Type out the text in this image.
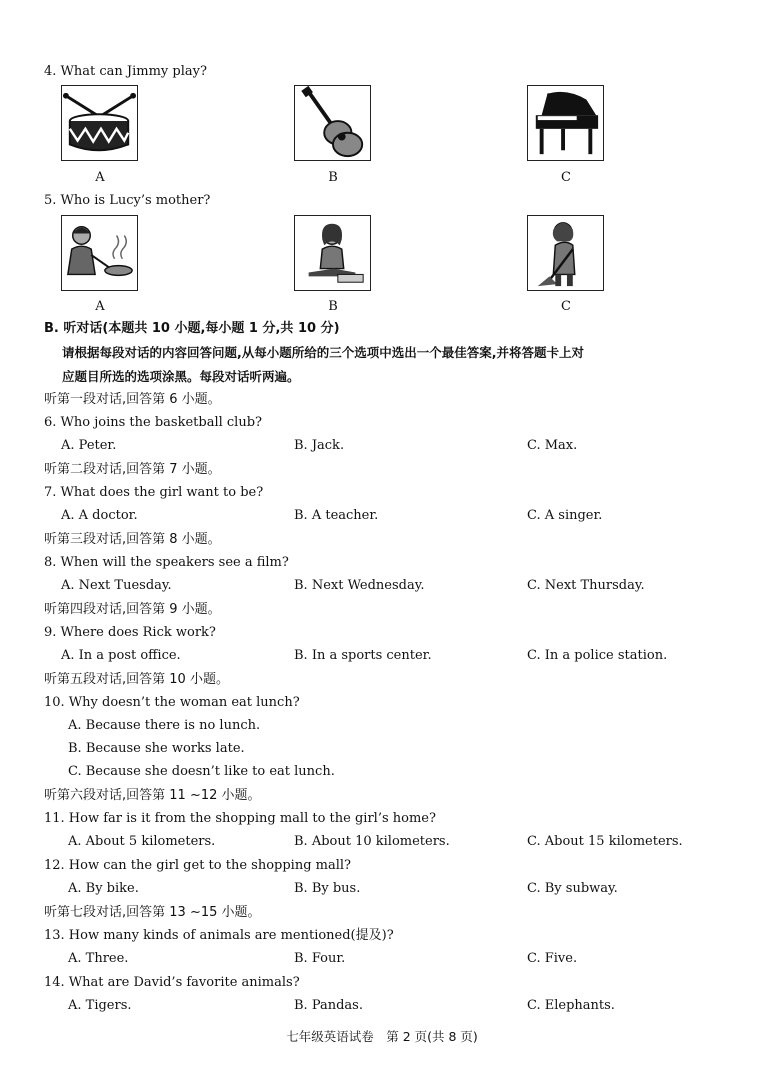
4. What can Jimmy play?
A	B	C
5. Who is Lucy’s mother?
A	B	C
B. 听对话(本题共 10 小题,每小题 1 分,共 10 分)
请根据每段对话的内容回答问题,从每小题所给的三个选项中选出一个最佳答案,并将答题卡上对
应题目所选的选项涂黑。每段对话听两遍。
听第一段对话,回答第 6 小题。
6. Who joins the basketball club?
A. Peter.	B. Jack.	C. Max.
听第二段对话,回答第 7 小题。
7. What does the girl want to be?
A. A doctor.	B. A teacher.	C. A singer.
听第三段对话,回答第 8 小题。
8. When will the speakers see a film?
A. Next Tuesday.	B. Next Wednesday.	C. Next Thursday.
听第四段对话,回答第 9 小题。
9. Where does Rick work?
A. In a post office.	B. In a sports center.	C. In a police station.
听第五段对话,回答第 10 小题。
10. Why doesn’t the woman eat lunch?
A. Because there is no lunch.
B. Because she works late.
C. Because she doesn’t like to eat lunch.
听第六段对话,回答第 11 ~12 小题。
11. How far is it from the shopping mall to the girl’s home?
A. About 5 kilometers.	B. About 10 kilometers.	C. About 15 kilometers.
12. How can the girl get to the shopping mall?
A. By bike.	B. By bus.	C. By subway.
听第七段对话,回答第 13 ~15 小题。
13. How many kinds of animals are mentioned(提及)?
A. Three.	B. Four.	C. Five.
14. What are David’s favorite animals?
A. Tigers.	B. Pandas.	C. Elephants.
七年级英语试卷　第 2 页(共 8 页)
